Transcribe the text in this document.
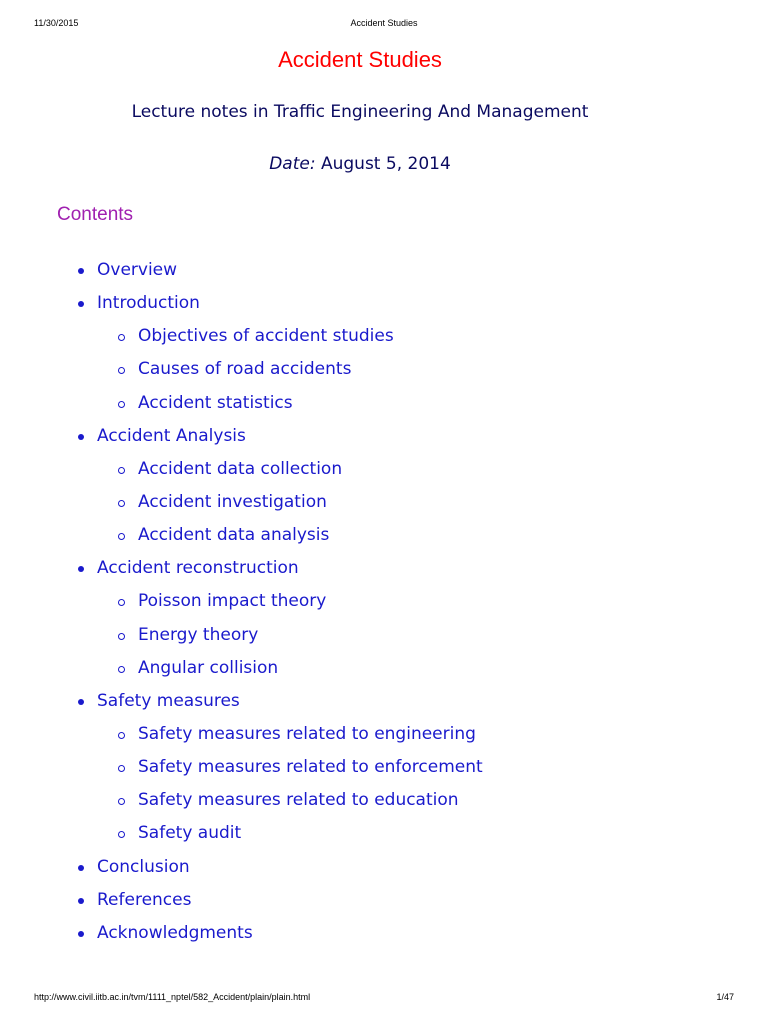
11/30/2015	Accident Studies
Accident Studies
Lecture notes in Traffic Engineering And Management
Date: August 5, 2014
Contents
Overview
Introduction
Objectives of accident studies
Causes of road accidents
Accident statistics
Accident Analysis
Accident data collection
Accident investigation
Accident data analysis
Accident reconstruction
Poisson impact theory
Energy theory
Angular collision
Safety measures
Safety measures related to engineering
Safety measures related to enforcement
Safety measures related to education
Safety audit
Conclusion
References
Acknowledgments
http://www.civil.iitb.ac.in/tvm/1111_nptel/582_Accident/plain/plain.html	1/47
